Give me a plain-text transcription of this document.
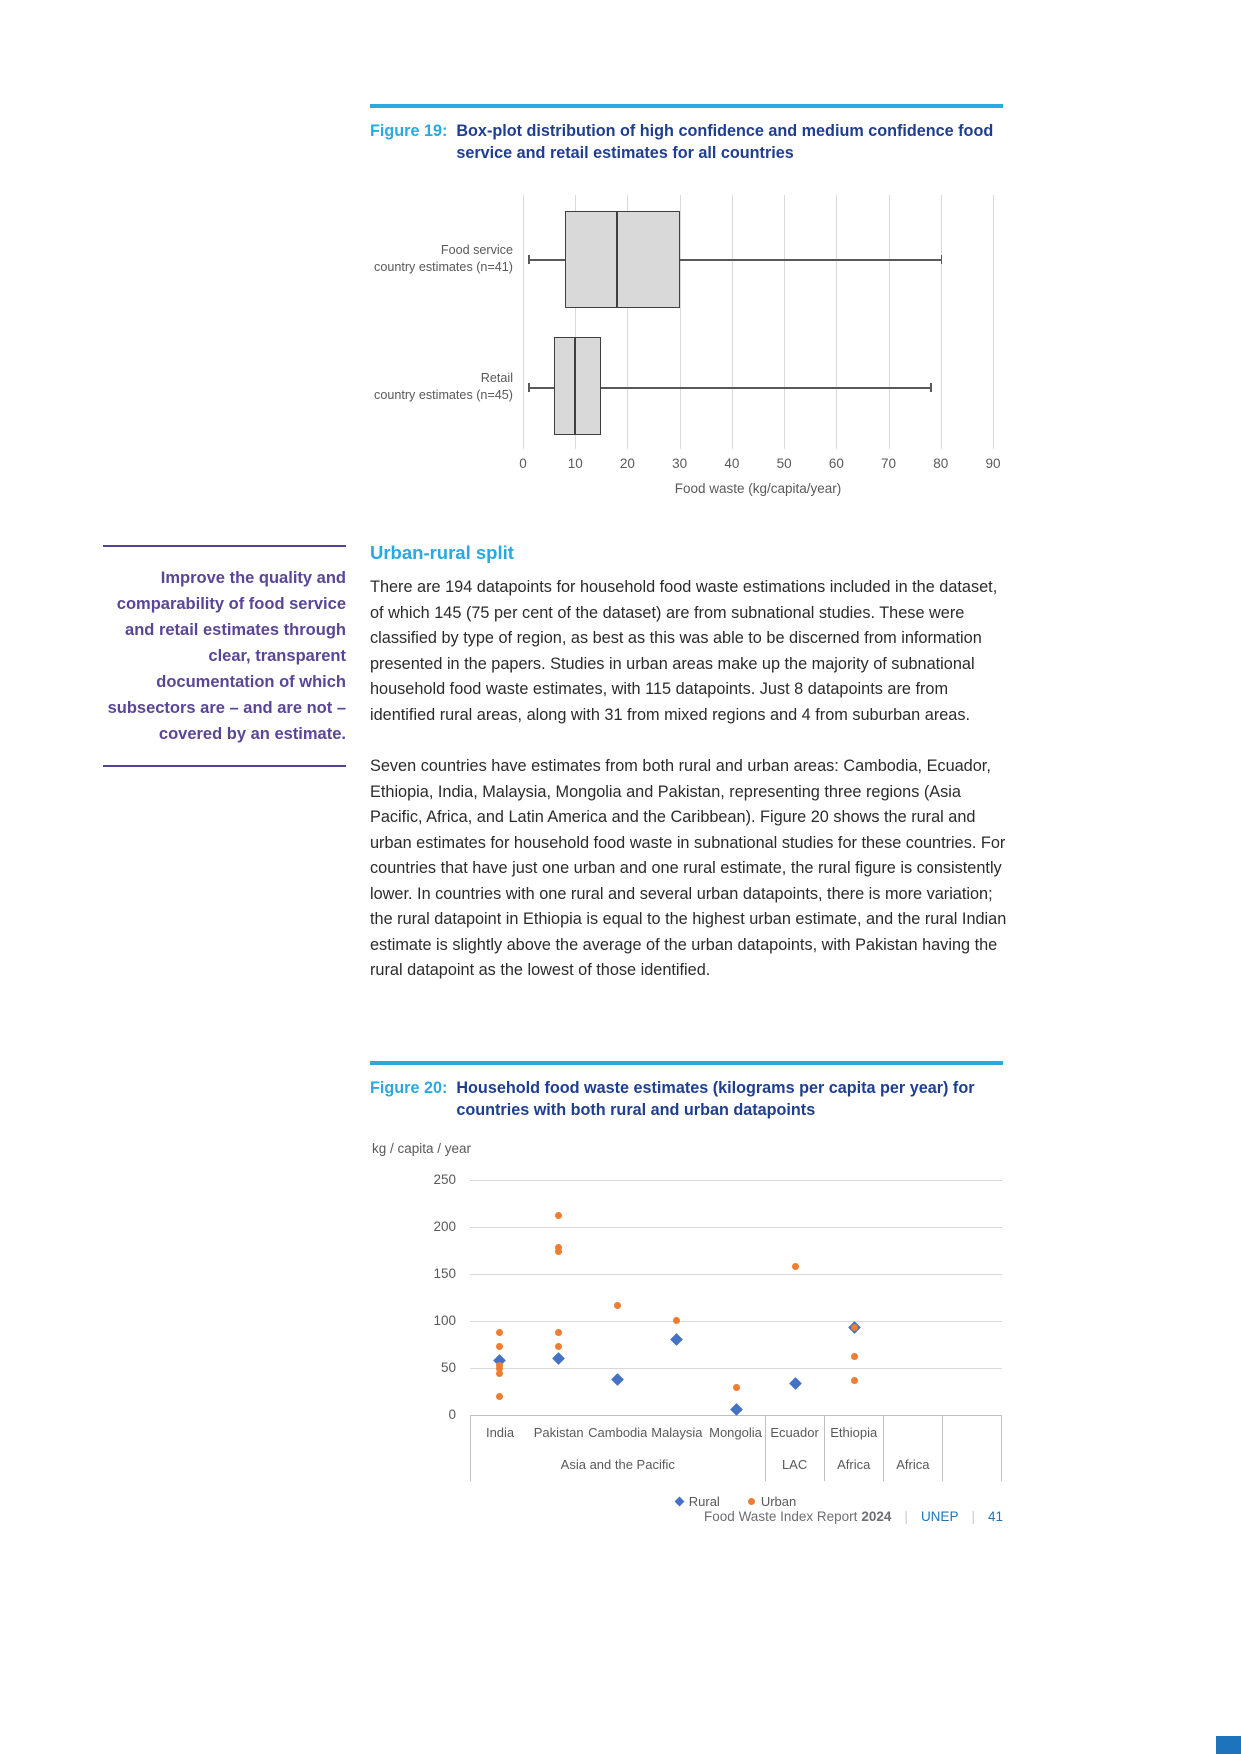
Figure 19: Box-plot distribution of high confidence and medium confidence food service and retail estimates for all countries
0	10	20	30	40	50	60	70	80	90
Food service
country estimates (n=41)
Retail
country estimates (n=45)
Food waste (kg/capita/year)

Improve the quality and comparability of food service and retail estimates through clear, transparent documentation of which subsectors are – and are not – covered by an estimate.

Urban-rural split

There are 194 datapoints for household food waste estimations included in the dataset, of which 145 (75 per cent of the dataset) are from subnational studies. These were classified by type of region, as best as this was able to be discerned from information presented in the papers. Studies in urban areas make up the majority of subnational household food waste estimates, with 115 datapoints. Just 8 datapoints are from identified rural areas, along with 31 from mixed regions and 4 from suburban areas.

Seven countries have estimates from both rural and urban areas: Cambodia, Ecuador, Ethiopia, India, Malaysia, Mongolia and Pakistan, representing three regions (Asia Pacific, Africa, and Latin America and the Caribbean). Figure 20 shows the rural and urban estimates for household food waste in subnational studies for these countries. For countries that have just one urban and one rural estimate, the rural figure is consistently lower. In countries with one rural and several urban datapoints, there is more variation; the rural datapoint in Ethiopia is equal to the highest urban estimate, and the rural Indian estimate is slightly above the average of the urban datapoints, with Pakistan having the rural datapoint as the lowest of those identified.

Figure 20: Household food waste estimates (kilograms per capita per year) for countries with both rural and urban datapoints
kg / capita / year
0
50
100
150
200
250
India	Pakistan Cambodia Malaysia Mongolia Ecuador Ethiopia
Asia and the Pacific	LAC	Africa	Africa
Rural	Urban
Food Waste Index Report 2024 | UNEP | 41
